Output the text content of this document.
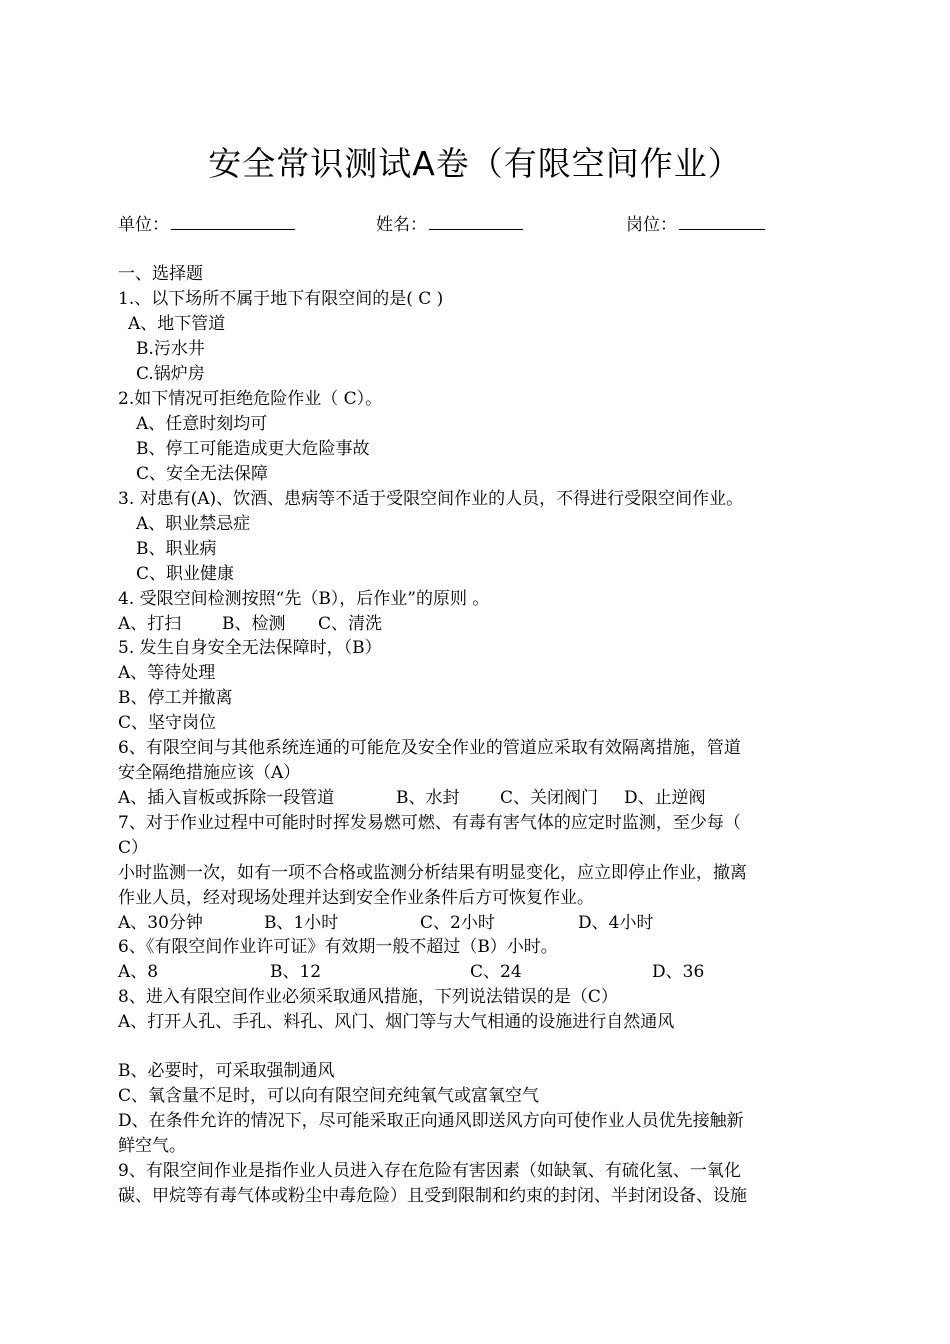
安全常识测试A卷（有限空间作业）
单位：	姓名：	岗位：
一、选择题
1.、以下场所不属于地下有限空间的是( C )
A、地下管道
B.污水井
C.锅炉房
2.如下情况可拒绝危险作业（ C）。
A、任意时刻均可
B、停工可能造成更大危险事故
C、安全无法保障
3. 对患有(A)、饮酒、患病等不适于受限空间作业的人员，不得进行受限空间作业。
A、职业禁忌症
B、职业病
C、职业健康
4. 受限空间检测按照“先（B），后作业”的原则 。
A、打扫 B、检测 C、清洗
5. 发生自身安全无法保障时，（B）
A、等待处理
B、停工并撤离
C、坚守岗位
6、有限空间与其他系统连通的可能危及安全作业的管道应采取有效隔离措施，管道
安全隔绝措施应该（A）
A、插入盲板或拆除一段管道	B、水封 C、关闭阀门 D、止逆阀
7、对于作业过程中可能时时挥发易燃可燃、有毒有害气体的应定时监测，至少每（
C）
小时监测一次，如有一项不合格或监测分析结果有明显变化，应立即停止作业，撤离
作业人员，经对现场处理并达到安全作业条件后方可恢复作业。
A、30分钟	B、1小时	C、2小时	D、4小时
6、《有限空间作业许可证》有效期一般不超过（B）小时。
A、8	B、12	C、24	D、36
8、进入有限空间作业必须采取通风措施，下列说法错误的是（C）
A、打开人孔、手孔、料孔、风门、烟门等与大气相通的设施进行自然通风
B、必要时，可采取强制通风
C、氧含量不足时，可以向有限空间充纯氧气或富氧空气
D、在条件允许的情况下，尽可能采取正向通风即送风方向可使作业人员优先接触新
鲜空气。
9、有限空间作业是指作业人员进入存在危险有害因素（如缺氧、有硫化氢、一氧化
碳、甲烷等有毒气体或粉尘中毒危险）且受到限制和约束的封闭、半封闭设备、设施
